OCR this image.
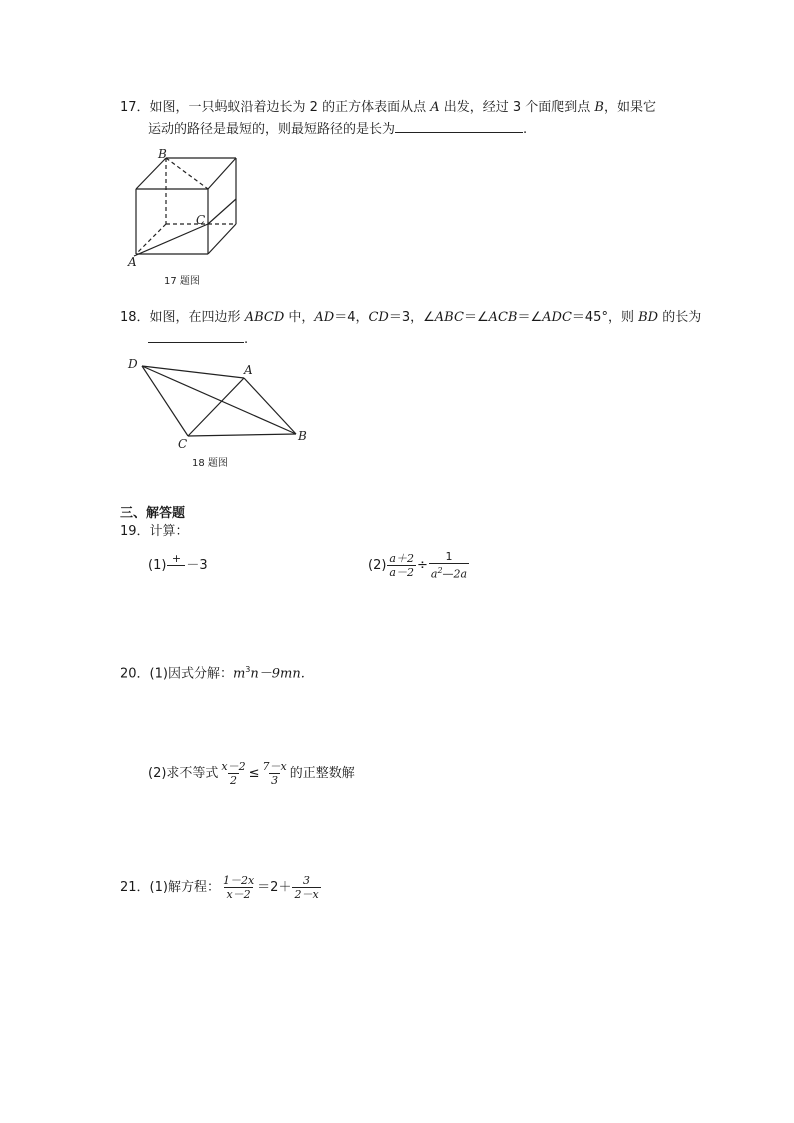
17．如图，一只蚂蚁沿着边长为 2 的正方体表面从点 A 出发，经过 3 个面爬到点 B，如果它
运动的路径是最短的，则最短路径的是长为	.
B
C
A
17 题图
18．如图，在四边形 ABCD 中，AD＝4，CD＝3，∠ABC＝∠ACB＝∠ADC＝45°，则 BD 的长为
.
D	A
C
B
18 题图
三、解答题
19．计算：
(1) + －3	$(2) \frac{a+2}{a-2} \div \frac{1}{a^2—2a}$
20．(1)因式分解：$m^3n-9mn$.
(2)求不等式 $\frac{x-2}{2} \le \frac{7-x}{3}$ 的正整数解
21．(1)解方程： $\frac{1-2x}{x-2} =2+ \frac{3}{2-x}$
